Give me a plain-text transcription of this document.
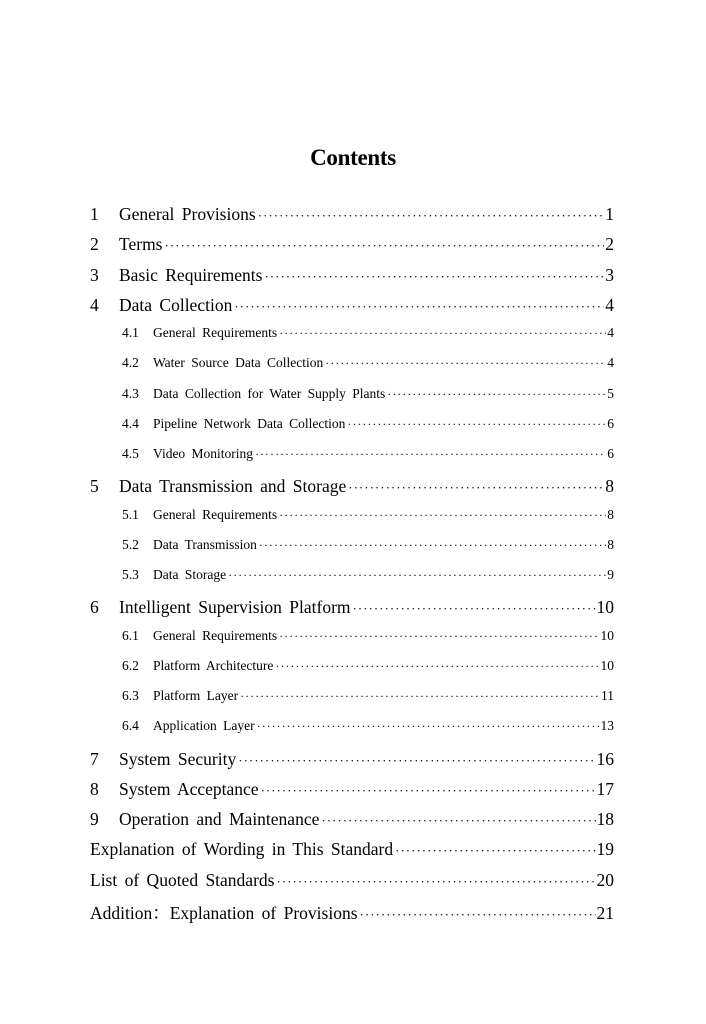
Contents
1	General Provisions ·····	1
2	Terms ·····	2
3	Basic Requirements ·····	3
4	Data Collection ·····	4
4.1	General Requirements ·····	4
4.2	Water Source Data Collection ·····	4
4.3	Data Collection for Water Supply Plants ·····	5
4.4	Pipeline Network Data Collection ·····	6
4.5	Video Monitoring ·····	6
5	Data Transmission and Storage ·····	8
5.1	General Requirements ·····	8
5.2	Data Transmission ·····	8
5.3	Data Storage ·····	9
6	Intelligent Supervision Platform ·····	10
6.1	General Requirements ·····	10
6.2	Platform Architecture ·····	10
6.3	Platform Layer ·····	11
6.4	Application Layer ·····	13
7	System Security ·····	16
8	System Acceptance ·····	17
9	Operation and Maintenance ·····	18
Explanation of Wording in This Standard ·····	19
List of Quoted Standards ·····	20
Addition：Explanation of Provisions ·····	21
